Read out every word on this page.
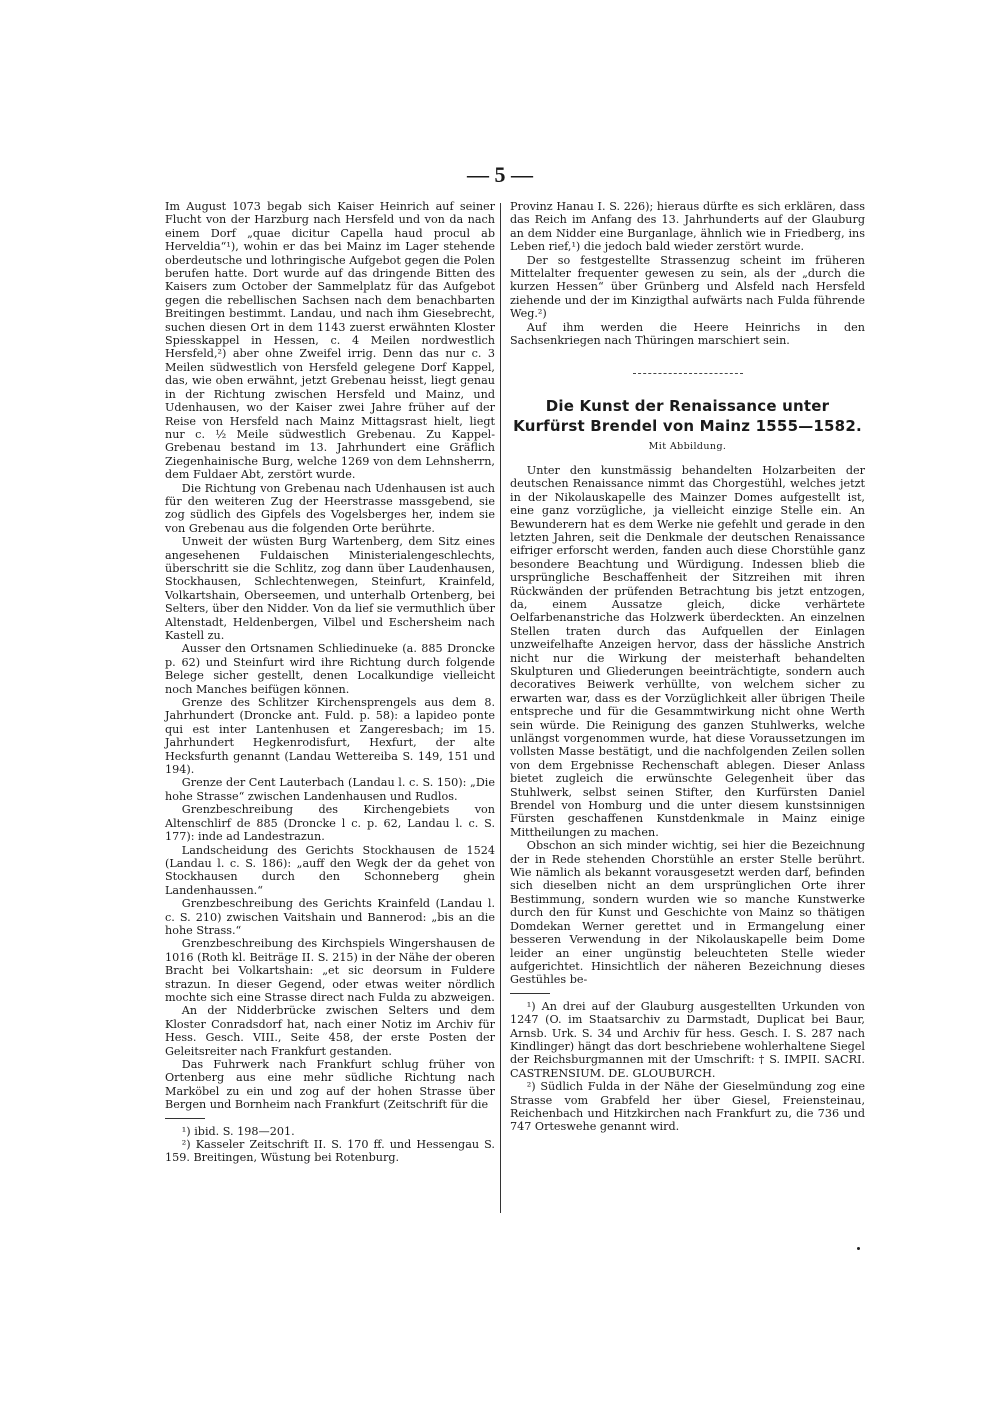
— 5 —

Im August 1073 begab sich Kaiser Heinrich auf seiner Flucht von der Harzburg nach Hersfeld und von da nach einem Dorf „quae dicitur Capella haud procul ab Herveldia“¹), wohin er das bei Mainz im Lager stehende oberdeutsche und lothringische Aufgebot gegen die Polen berufen hatte. Dort wurde auf das dringende Bitten des Kaisers zum October der Sammelplatz für das Aufgebot gegen die rebellischen Sachsen nach dem benachbarten Breitingen bestimmt. Landau, und nach ihm Giesebrecht, suchen diesen Ort in dem 1143 zuerst erwähnten Kloster Spiesskappel in Hessen, c. 4 Meilen nordwestlich Hersfeld,²) aber ohne Zweifel irrig. Denn das nur c. 3 Meilen südwestlich von Hersfeld gelegene Dorf Kappel, das, wie oben erwähnt, jetzt Grebenau heisst, liegt genau in der Richtung zwischen Hersfeld und Mainz, und Udenhausen, wo der Kaiser zwei Jahre früher auf der Reise von Hersfeld nach Mainz Mittagsrast hielt, liegt nur c. ½ Meile südwestlich Grebenau. Zu Kappel-Grebenau bestand im 13. Jahrhundert eine Gräflich Ziegenhainische Burg, welche 1269 von dem Lehnsherrn, dem Fuldaer Abt, zerstört wurde.

Die Richtung von Grebenau nach Udenhausen ist auch für den weiteren Zug der Heerstrasse massgebend, sie zog südlich des Gipfels des Vogelsberges her, indem sie von Grebenau aus die folgenden Orte berührte.

Unweit der wüsten Burg Wartenberg, dem Sitz eines angesehenen Fuldaischen Ministerialengeschlechts, überschritt sie die Schlitz, zog dann über Laudenhausen, Stockhausen, Schlechtenwegen, Steinfurt, Krainfeld, Volkartshain, Oberseemen, und unterhalb Ortenberg, bei Selters, über den Nidder. Von da lief sie vermuthlich über Altenstadt, Heldenbergen, Vilbel und Eschersheim nach Kastell zu.

Ausser den Ortsnamen Schliedinueke (a. 885 Droncke p. 62) und Steinfurt wird ihre Richtung durch folgende Belege sicher gestellt, denen Localkundige vielleicht noch Manches beifügen können.

Grenze des Schlitzer Kirchensprengels aus dem 8. Jahrhundert (Droncke ant. Fuld. p. 58): a lapideo ponte qui est inter Lantenhusen et Zangeresbach; im 15. Jahrhundert Hegkenrodisfurt, Hexfurt, der alte Hecksfurth genannt (Landau Wettereiba S. 149, 151 und 194).

Grenze der Cent Lauterbach (Landau l. c. S. 150): „Die hohe Strasse“ zwischen Landenhausen und Rudlos.

Grenzbeschreibung des Kirchengebiets von Altenschlirf de 885 (Droncke l c. p. 62, Landau l. c. S. 177): inde ad Landestrazun.

Landscheidung des Gerichts Stockhausen de 1524 (Landau l. c. S. 186): „auff den Wegk der da gehet von Stockhausen durch den Schonneberg ghein Landenhaussen.“

Grenzbeschreibung des Gerichts Krainfeld (Landau l. c. S. 210) zwischen Vaitshain und Bannerod: „bis an die hohe Strass.“

Grenzbeschreibung des Kirchspiels Wingershausen de 1016 (Roth kl. Beiträge II. S. 215) in der Nähe der oberen Bracht bei Volkartshain: „et sic deorsum in Fuldere strazun. In dieser Gegend, oder etwas weiter nördlich mochte sich eine Strasse direct nach Fulda zu abzweigen.

An der Nidderbrücke zwischen Selters und dem Kloster Conradsdorf hat, nach einer Notiz im Archiv für Hess. Gesch. VIII., Seite 458, der erste Posten der Geleitsreiter nach Frankfurt gestanden.

Das Fuhrwerk nach Frankfurt schlug früher von Ortenberg aus eine mehr südliche Richtung nach Marköbel zu ein und zog auf der hohen Strasse über Bergen und Bornheim nach Frankfurt (Zeitschrift für die

¹) ibid. S. 198—201.

²) Kasseler Zeitschrift II. S. 170 ff. und Hessengau S. 159. Breitingen, Wüstung bei Rotenburg.

Provinz Hanau I. S. 226); hieraus dürfte es sich erklären, dass das Reich im Anfang des 13. Jahrhunderts auf der Glauburg an dem Nidder eine Burganlage, ähnlich wie in Friedberg, ins Leben rief,¹) die jedoch bald wieder zerstört wurde.

Der so festgestellte Strassenzug scheint im früheren Mittelalter frequenter gewesen zu sein, als der „durch die kurzen Hessen“ über Grünberg und Alsfeld nach Hersfeld ziehende und der im Kinzigthal aufwärts nach Fulda führende Weg.²)

Auf ihm werden die Heere Heinrichs in den Sachsenkriegen nach Thüringen marschiert sein.

Die Kunst der Renaissance unter Kurfürst Brendel von Mainz 1555—1582.
Mit Abbildung.

Unter den kunstmässig behandelten Holzarbeiten der deutschen Renaissance nimmt das Chorgestühl, welches jetzt in der Nikolauskapelle des Mainzer Domes aufgestellt ist, eine ganz vorzügliche, ja vielleicht einzige Stelle ein. An Bewunderern hat es dem Werke nie gefehlt und gerade in den letzten Jahren, seit die Denkmale der deutschen Renaissance eifriger erforscht werden, fanden auch diese Chorstühle ganz besondere Beachtung und Würdigung. Indessen blieb die ursprüngliche Beschaffenheit der Sitzreihen mit ihren Rückwänden der prüfenden Betrachtung bis jetzt entzogen, da, einem Aussatze gleich, dicke verhärtete Oelfarbenanstriche das Holzwerk überdeckten. An einzelnen Stellen traten durch das Aufquellen der Einlagen unzweifelhafte Anzeigen hervor, dass der hässliche Anstrich nicht nur die Wirkung der meisterhaft behandelten Skulpturen und Gliederungen beeinträchtigte, sondern auch decoratives Beiwerk verhüllte, von welchem sicher zu erwarten war, dass es der Vorzüglichkeit aller übrigen Theile entspreche und für die Gesammtwirkung nicht ohne Werth sein würde. Die Reinigung des ganzen Stuhlwerks, welche unlängst vorgenommen wurde, hat diese Voraussetzungen im vollsten Masse bestätigt, und die nachfolgenden Zeilen sollen von dem Ergebnisse Rechenschaft ablegen. Dieser Anlass bietet zugleich die erwünschte Gelegenheit über das Stuhlwerk, selbst seinen Stifter, den Kurfürsten Daniel Brendel von Homburg und die unter diesem kunstsinnigen Fürsten geschaffenen Kunstdenkmale in Mainz einige Mittheilungen zu machen.

Obschon an sich minder wichtig, sei hier die Bezeichnung der in Rede stehenden Chorstühle an erster Stelle berührt. Wie nämlich als bekannt vorausgesetzt werden darf, befinden sich dieselben nicht an dem ursprünglichen Orte ihrer Bestimmung, sondern wurden wie so manche Kunstwerke durch den für Kunst und Geschichte von Mainz so thätigen Domdekan Werner gerettet und in Ermangelung einer besseren Verwendung in der Nikolauskapelle beim Dome leider an einer ungünstig beleuchteten Stelle wieder aufgerichtet. Hinsichtlich der näheren Bezeichnung dieses Gestühles be-

¹) An drei auf der Glauburg ausgestellten Urkunden von 1247 (O. im Staatsarchiv zu Darmstadt, Duplicat bei Baur, Arnsb. Urk. S. 34 und Archiv für hess. Gesch. I. S. 287 nach Kindlinger) hängt das dort beschriebene wohlerhaltene Siegel der Reichsburgmannen mit der Umschrift: † S. IMPII. SACRI. CASTRENSIUM. DE. GLOUBURCH.

²) Südlich Fulda in der Nähe der Gieselmündung zog eine Strasse vom Grabfeld her über Giesel, Freiensteinau, Reichenbach und Hitzkirchen nach Frankfurt zu, die 736 und 747 Orteswehe genannt wird.
